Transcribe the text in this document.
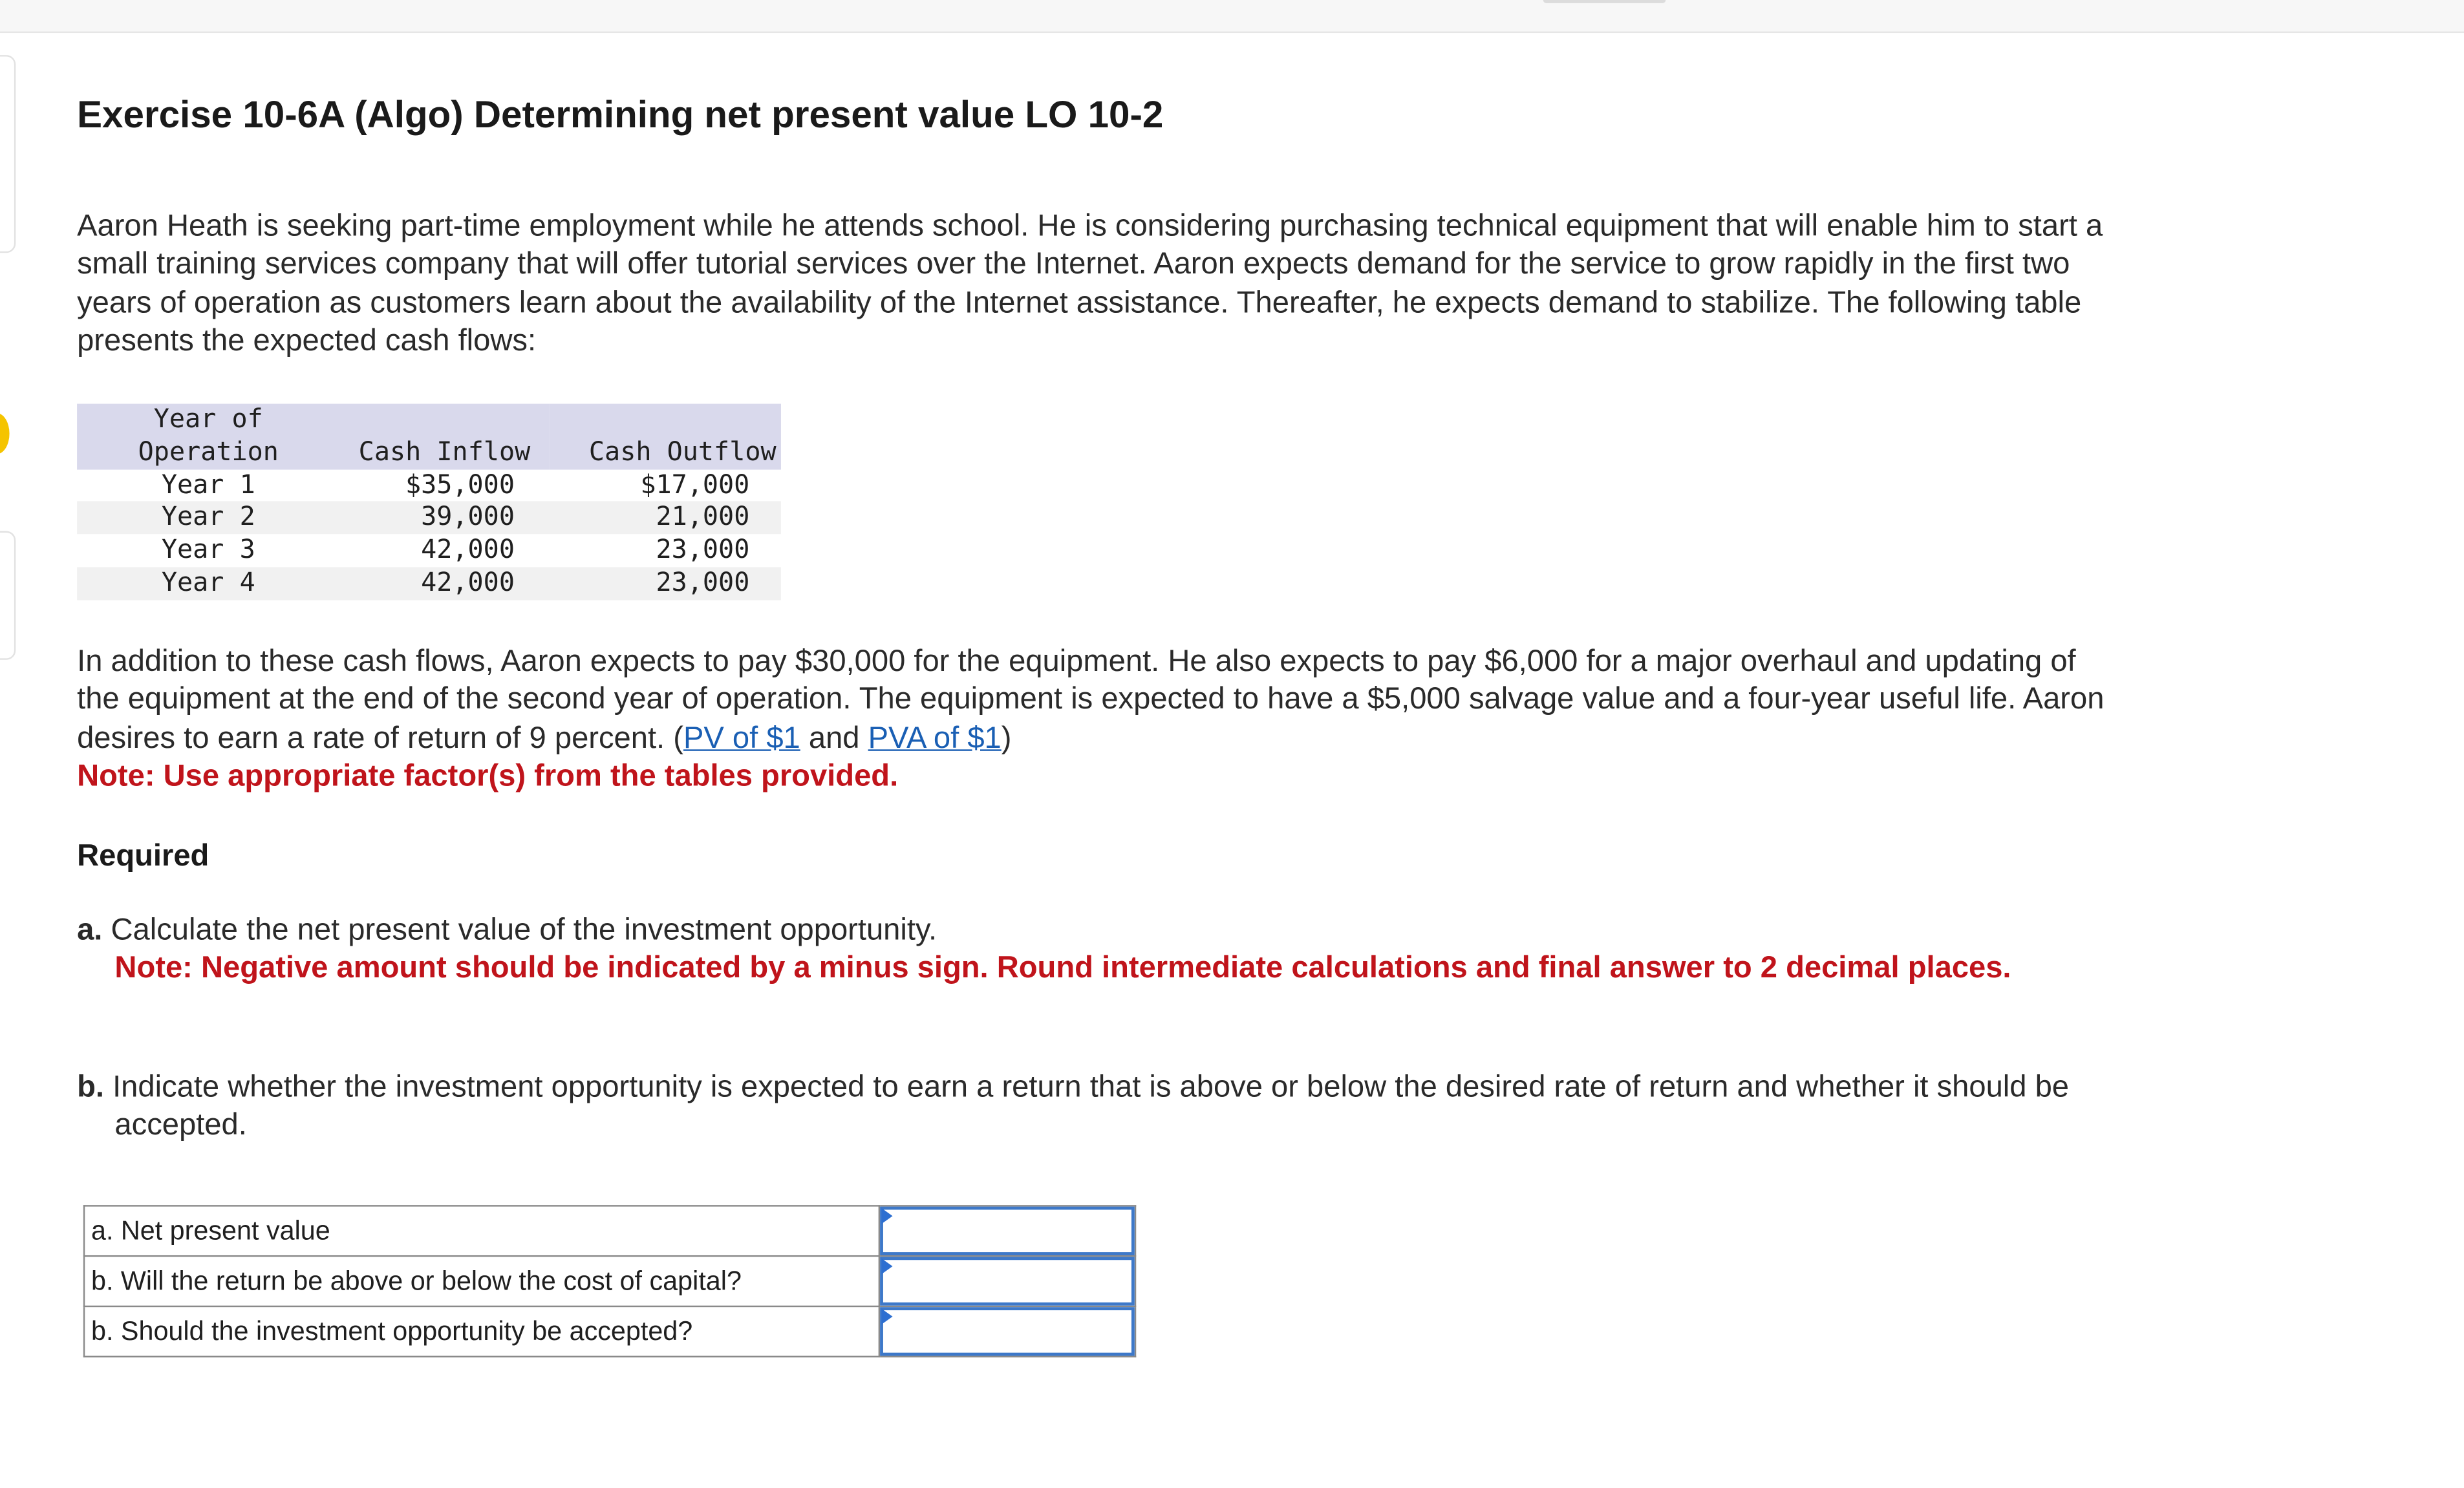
Exercise 10-6A (Algo) Determining net present value LO 10-2
Aaron Heath is seeking part-time employment while he attends school. He is considering purchasing technical equipment that will enable him to start a small training services company that will offer tutorial services over the Internet. Aaron expects demand for the service to grow rapidly in the first two years of operation as customers learn about the availability of the Internet assistance. Thereafter, he expects demand to stabilize. The following table presents the expected cash flows:
Year of
Operation	Cash Inflow	Cash Outflow
Year 1	$35,000	$17,000
Year 2	39,000	21,000
Year 3	42,000	23,000
Year 4	42,000	23,000
In addition to these cash flows, Aaron expects to pay $30,000 for the equipment. He also expects to pay $6,000 for a major overhaul and updating of the equipment at the end of the second year of operation. The equipment is expected to have a $5,000 salvage value and a four-year useful life. Aaron desires to earn a rate of return of 9 percent. (PV of $1 and PVA of $1)
Note: Use appropriate factor(s) from the tables provided.
Required
a. Calculate the net present value of the investment opportunity.
Note: Negative amount should be indicated by a minus sign. Round intermediate calculations and final answer to 2 decimal places.
b. Indicate whether the investment opportunity is expected to earn a return that is above or below the desired rate of return and whether it should be accepted.
a. Net present value	

b. Will the return be above or below the cost of capital?	

b. Should the investment opportunity be accepted?	
